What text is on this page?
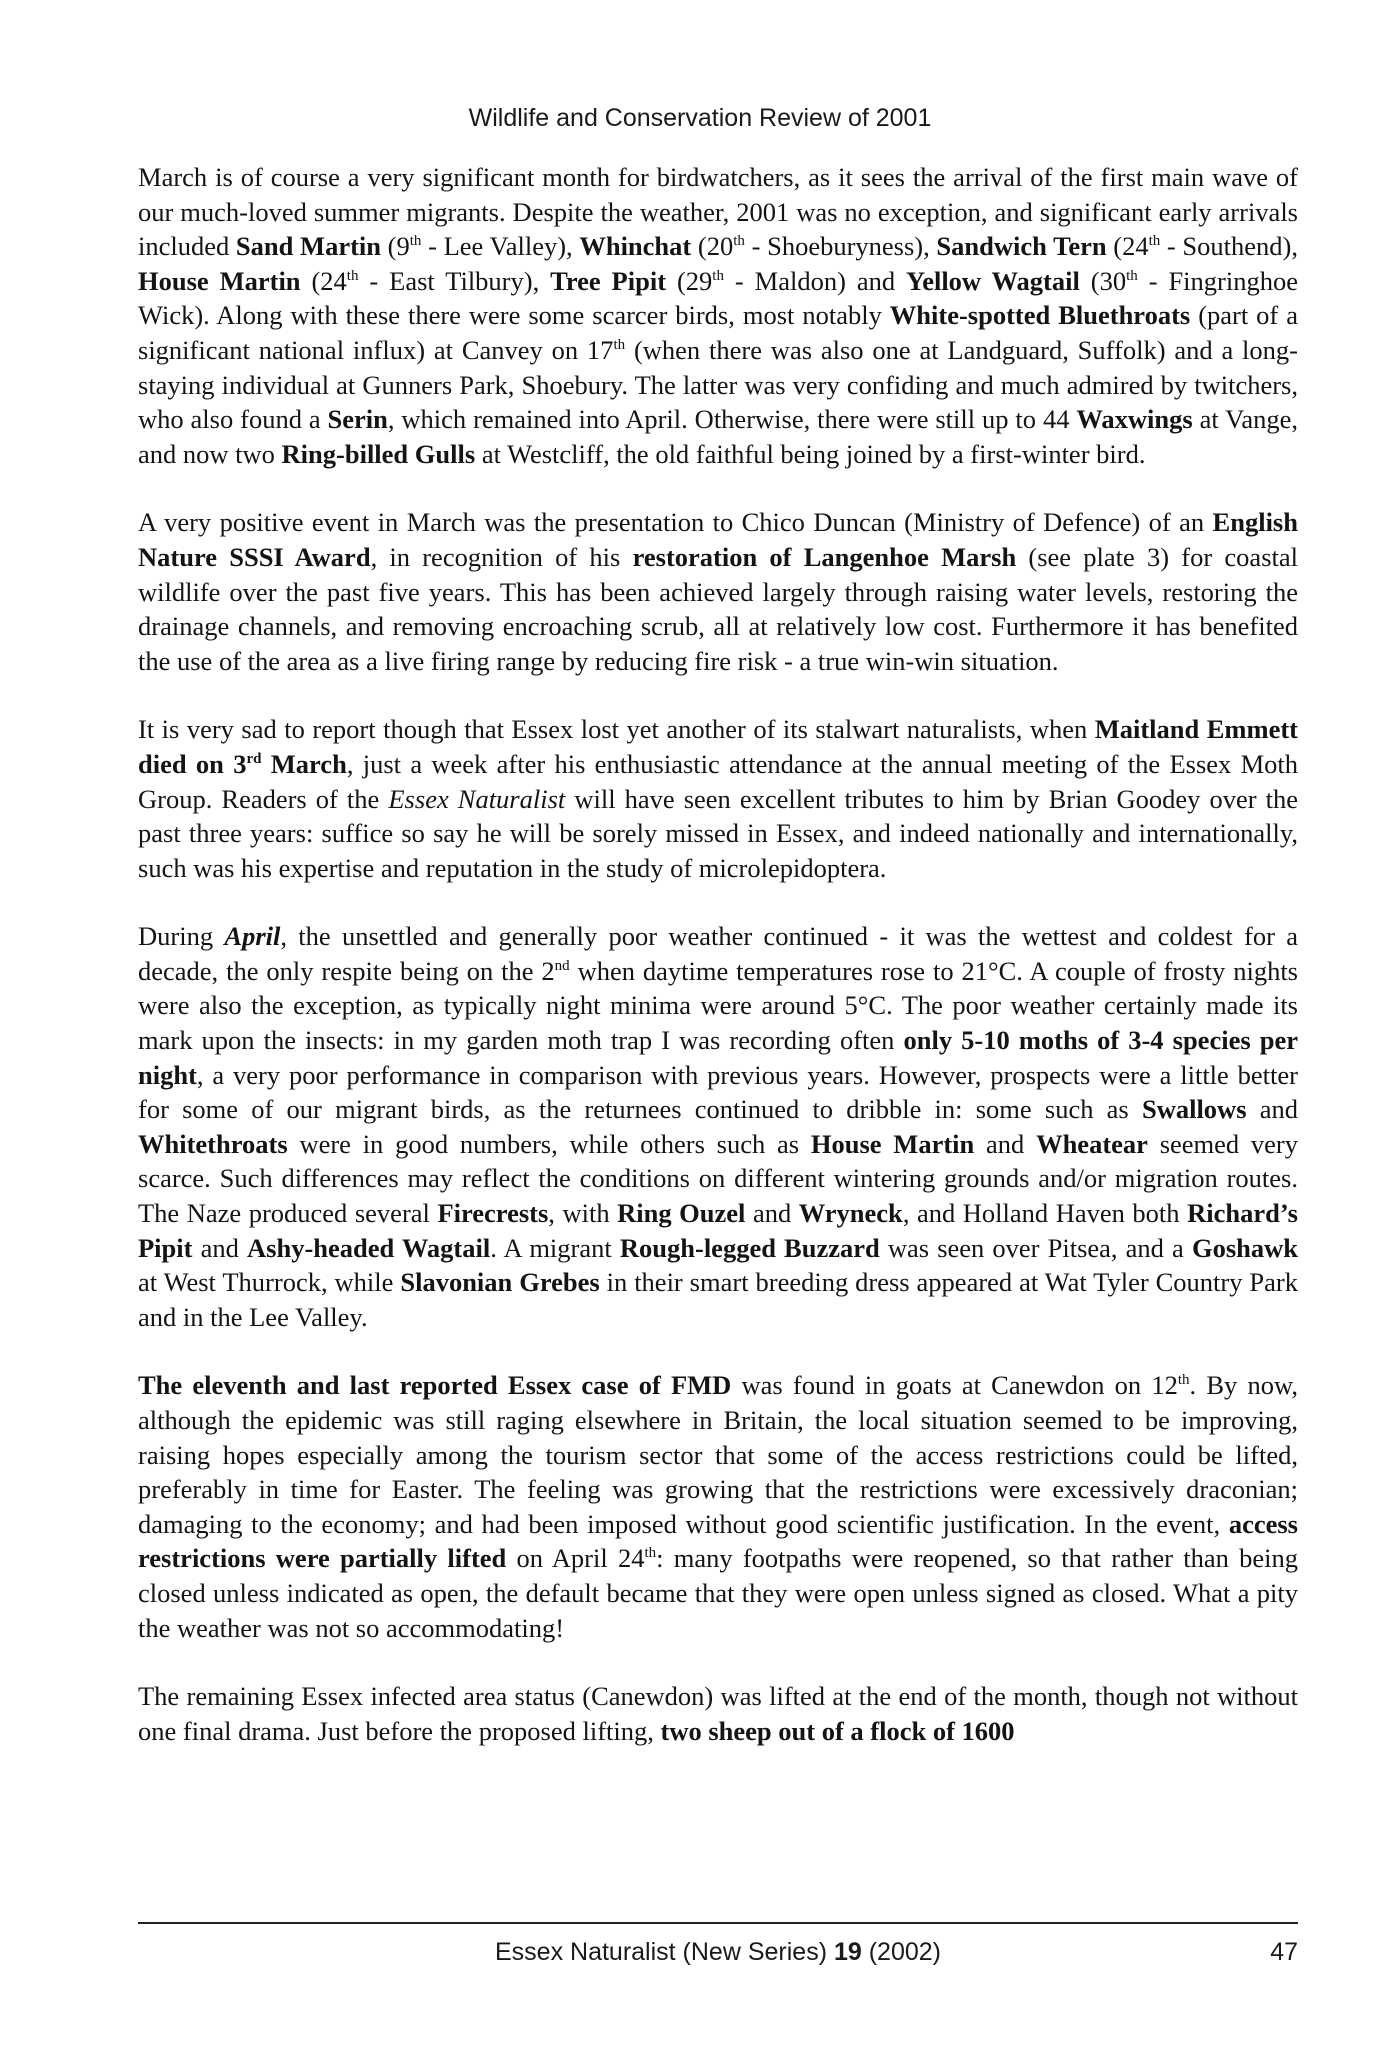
Wildlife and Conservation Review of 2001

March is of course a very significant month for birdwatchers, as it sees the arrival of the first main wave of our much-loved summer migrants. Despite the weather, 2001 was no exception, and significant early arrivals included Sand Martin (9th - Lee Valley), Whinchat (20th - Shoeburyness), Sandwich Tern (24th - Southend), House Martin (24th - East Tilbury), Tree Pipit (29th - Maldon) and Yellow Wagtail (30th - Fingringhoe Wick). Along with these there were some scarcer birds, most notably White-spotted Bluethroats (part of a significant national influx) at Canvey on 17th (when there was also one at Landguard, Suffolk) and a long-staying individual at Gunners Park, Shoebury. The latter was very confiding and much admired by twitchers, who also found a Serin, which remained into April. Otherwise, there were still up to 44 Waxwings at Vange, and now two Ring-billed Gulls at Westcliff, the old faithful being joined by a first-winter bird.

A very positive event in March was the presentation to Chico Duncan (Ministry of Defence) of an English Nature SSSI Award, in recognition of his restoration of Langenhoe Marsh (see plate 3) for coastal wildlife over the past five years. This has been achieved largely through raising water levels, restoring the drainage channels, and removing encroaching scrub, all at relatively low cost. Furthermore it has benefited the use of the area as a live firing range by reducing fire risk - a true win-win situation.

It is very sad to report though that Essex lost yet another of its stalwart naturalists, when Maitland Emmett died on 3rd March, just a week after his enthusiastic attendance at the annual meeting of the Essex Moth Group. Readers of the Essex Naturalist will have seen excellent tributes to him by Brian Goodey over the past three years: suffice so say he will be sorely missed in Essex, and indeed nationally and internationally, such was his expertise and reputation in the study of microlepidoptera.

During April, the unsettled and generally poor weather continued - it was the wettest and coldest for a decade, the only respite being on the 2nd when daytime temperatures rose to 21°C. A couple of frosty nights were also the exception, as typically night minima were around 5°C. The poor weather certainly made its mark upon the insects: in my garden moth trap I was recording often only 5-10 moths of 3-4 species per night, a very poor performance in comparison with previous years. However, prospects were a little better for some of our migrant birds, as the returnees continued to dribble in: some such as Swallows and Whitethroats were in good numbers, while others such as House Martin and Wheatear seemed very scarce. Such differences may reflect the conditions on different wintering grounds and/or migration routes. The Naze produced several Firecrests, with Ring Ouzel and Wryneck, and Holland Haven both Richard’s Pipit and Ashy-headed Wagtail. A migrant Rough-legged Buzzard was seen over Pitsea, and a Goshawk at West Thurrock, while Slavonian Grebes in their smart breeding dress appeared at Wat Tyler Country Park and in the Lee Valley.

The eleventh and last reported Essex case of FMD was found in goats at Canewdon on 12th. By now, although the epidemic was still raging elsewhere in Britain, the local situation seemed to be improving, raising hopes especially among the tourism sector that some of the access restrictions could be lifted, preferably in time for Easter. The feeling was growing that the restrictions were excessively draconian; damaging to the economy; and had been imposed without good scientific justification. In the event, access restrictions were partially lifted on April 24th: many footpaths were reopened, so that rather than being closed unless indicated as open, the default became that they were open unless signed as closed. What a pity the weather was not so accommodating!

The remaining Essex infected area status (Canewdon) was lifted at the end of the month, though not without one final drama. Just before the proposed lifting, two sheep out of a flock of 1600

Essex Naturalist (New Series) 19 (2002)	47
